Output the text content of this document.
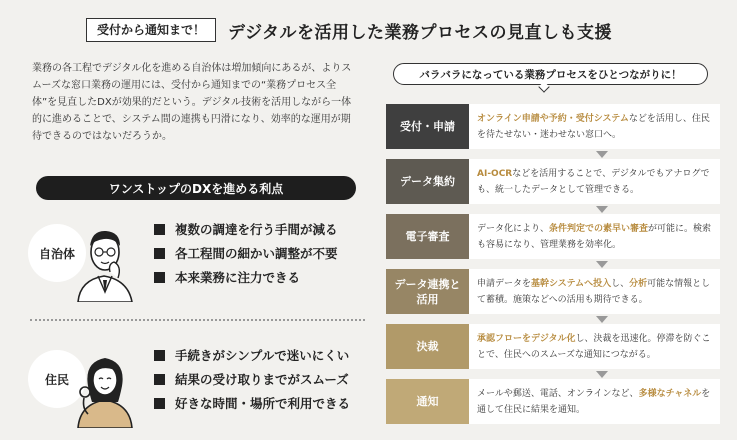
受付から通知まで！	デジタルを活用した業務プロセスの見直しも支援

業務の各工程でデジタル化を進める自治体は増加傾向にあるが、よりスムーズな窓口業務の運用には、受付から通知までの“業務プロセス全体”を見直したDXが効果的だという。デジタル技術を活用しながら一体的に進めることで、システム間の連携も円滑になり、効率的な運用が期待できるのではないだろうか。

ワンストップのDXを進める利点
自治体
複数の調達を行う手間が減る
各工程間の細かい調整が不要
本来業務に注力できる
住民
手続きがシンプルで迷いにくい
結果の受け取りまでがスムーズ
好きな時間・場所で利用できる
バラバラになっている業務プロセスをひとつながりに！
受付・申請
オンライン申請や予約・受付システムなどを活用し、住民を待たせない・迷わせない窓口へ。
データ集約
AI-OCRなどを活用することで、デジタルでもアナログでも、統一したデータとして管理できる。
電子審査
データ化により、条件判定での素早い審査が可能に。検索も容易になり、管理業務を効率化。
データ連携と
活用
申請データを基幹システムへ投入し、分析可能な情報として蓄積。施策などへの活用も期待できる。
決裁
承認フローをデジタル化し、決裁を迅速化。停滞を防ぐことで、住民へのスムーズな通知につながる。
通知
メールや郵送、電話、オンラインなど、多様なチャネルを通して住民に結果を通知。
